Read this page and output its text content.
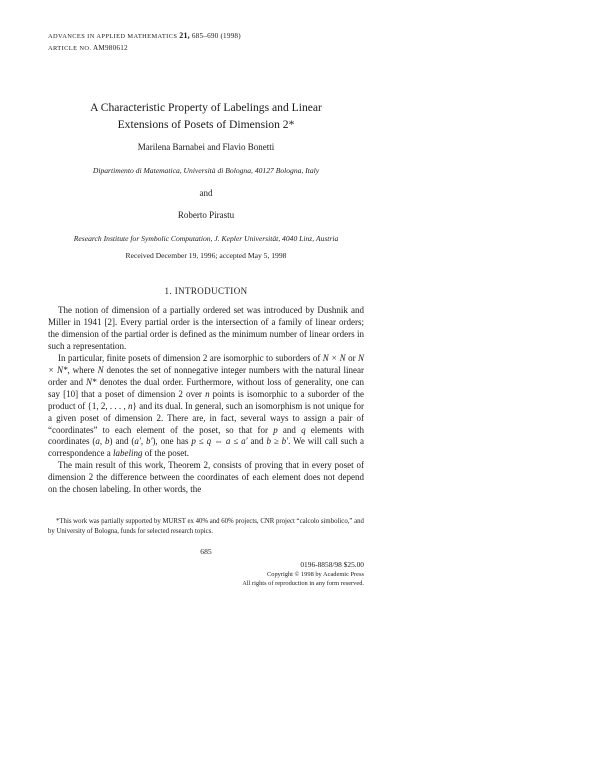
ADVANCES IN APPLIED MATHEMATICS 21, 685–690 (1998)
ARTICLE NO. AM980612
A Characteristic Property of Labelings and Linear
Extensions of Posets of Dimension 2*
Marilena Barnabei and Flavio Bonetti
Dipartimento di Matematica, Università di Bologna, 40127 Bologna, Italy
and
Roberto Pirastu
Research Institute for Symbolic Computation, J. Kepler Universität, 4040 Linz, Austria
Received December 19, 1996; accepted May 5, 1998
1. INTRODUCTION

The notion of dimension of a partially ordered set was introduced by Dushnik and Miller in 1941 [2]. Every partial order is the intersection of a family of linear orders; the dimension of the partial order is defined as the minimum number of linear orders in such a representation.

In particular, finite posets of dimension 2 are isomorphic to suborders of N × N or N × N*, where N denotes the set of nonnegative integer numbers with the natural linear order and N* denotes the dual order. Furthermore, without loss of generality, one can say [10] that a poset of dimension 2 over n points is isomorphic to a suborder of the product of {1, 2, . . . , n} and its dual. In general, such an isomorphism is not unique for a given poset of dimension 2. There are, in fact, several ways to assign a pair of “coordinates” to each element of the poset, so that for p and q elements with coordinates (a, b) and (a′, b′), one has p ≤ q ⇔ a ≤ a′ and b ≥ b′. We will call such a correspondence a labeling of the poset.

The main result of this work, Theorem 2, consists of proving that in every poset of dimension 2 the difference between the coordinates of each element does not depend on the chosen labeling. In other words, the

*This work was partially supported by MURST ex 40% and 60% projects, CNR project “calcolo simbolico,” and by University of Bologna, funds for selected research topics.

685
0196-8858/98 $25.00
Copyright © 1998 by Academic Press
All rights of reproduction in any form reserved.
